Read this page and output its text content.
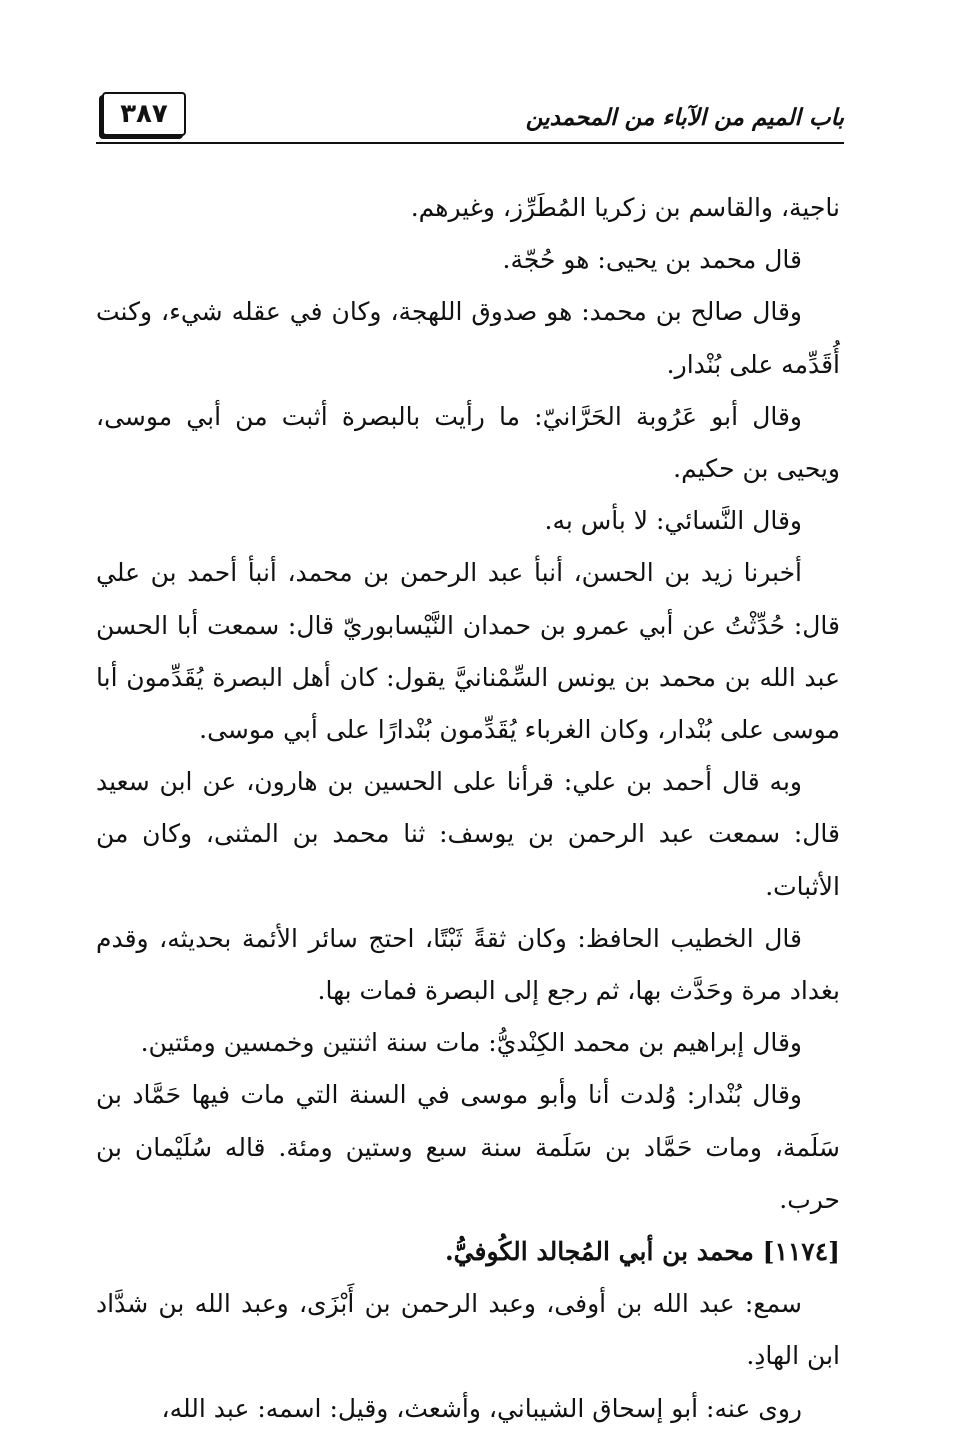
٣٨٧	باب الميم من الآباء من المحمدين

ناجية، والقاسم بن زكريا المُطَرِّز، وغيرهم.

قال محمد بن يحيى: هو حُجّة.

وقال صالح بن محمد: هو صدوق اللهجة، وكان في عقله شيء، وكنت أُقَدِّمه على بُنْدار.

وقال أبو عَرُوبة الحَرَّانيّ: ما رأيت بالبصرة أثبت من أبي موسى، ويحيى بن حكيم.

وقال النَّسائي: لا بأس به.

أخبرنا زيد بن الحسن، أنبأ عبد الرحمن بن محمد، أنبأ أحمد بن علي قال: حُدِّثْتُ عن أبي عمرو بن حمدان النَّيْسابوريّ قال: سمعت أبا الحسن عبد الله بن محمد بن يونس السِّمْنانيَّ يقول: كان أهل البصرة يُقَدِّمون أبا موسى على بُنْدار، وكان الغرباء يُقَدِّمون بُنْدارًا على أبي موسى.

وبه قال أحمد بن علي: قرأنا على الحسين بن هارون، عن ابن سعيد قال: سمعت عبد الرحمن بن يوسف: ثنا محمد بن المثنى، وكان من الأثبات.

قال الخطيب الحافظ: وكان ثقةً ثَبْتًا، احتج سائر الأئمة بحديثه، وقدم بغداد مرة وحَدَّث بها، ثم رجع إلى البصرة فمات بها.

وقال إبراهيم بن محمد الكِنْديُّ: مات سنة اثنتين وخمسين ومئتين.

وقال بُنْدار: وُلدت أنا وأبو موسى في السنة التي مات فيها حَمَّاد بن سَلَمة، ومات حَمَّاد بن سَلَمة سنة سبع وستين ومئة. قاله سُلَيْمان بن حرب.

[١١٧٤] محمد بن أبي المُجالد الكُوفيُّ.

سمع: عبد الله بن أوفى، وعبد الرحمن بن أَبْزَى، وعبد الله بن شدَّاد ابن الهادِ.

روى عنه: أبو إسحاق الشيباني، وأشعث، وقيل: اسمه: عبد الله،
